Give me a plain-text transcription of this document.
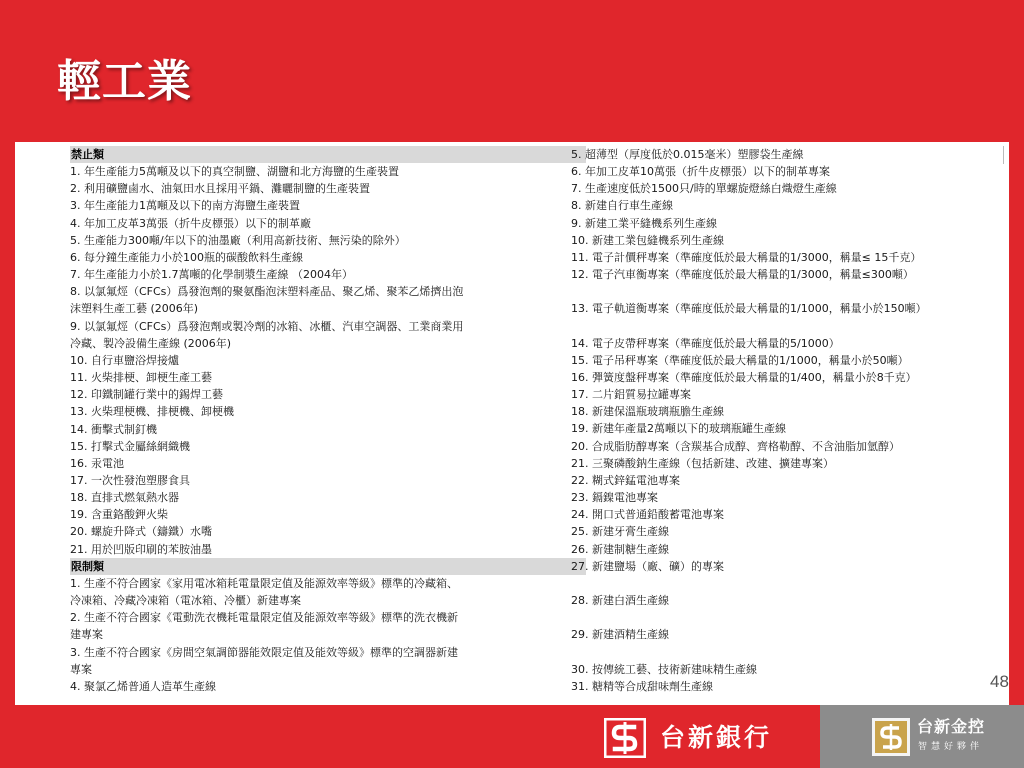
輕工業
禁止類
1. 年生產能力5萬噸及以下的真空制鹽、湖鹽和北方海鹽的生產裝置
2. 利用礦鹽鹵水、油氣田水且採用平鍋、灘曬制鹽的生產裝置
3. 年生產能力1萬噸及以下的南方海鹽生產裝置
4. 年加工皮革3萬張（折牛皮標張）以下的制革廠
5. 生產能力300噸/年以下的油墨廠（利用高新技術、無污染的除外）
6. 每分鐘生產能力小於100瓶的碳酸飲料生產線
7. 年生產能力小於1.7萬噸的化學制漿生產線 （2004年）
8. 以氯氟烴（CFCs）爲發泡劑的聚氨酯泡沫塑料產品、聚乙烯、聚苯乙烯擠出泡
沫塑料生產工藝 (2006年)
9. 以氯氟烴（CFCs）爲發泡劑或製冷劑的冰箱、冰櫃、汽車空調器、工業商業用
冷藏、製冷設備生產線 (2006年)
10. 自行車鹽浴焊接爐
11. 火柴排梗、卸梗生產工藝
12. 印鐵制罐行業中的錫焊工藝
13. 火柴理梗機、排梗機、卸梗機
14. 衝擊式制釘機
15. 打擊式金屬絲網織機
16. 汞電池
17. 一次性發泡塑膠食具
18. 直排式燃氣熱水器
19. 含重鉻酸鉀火柴
20. 螺旋升降式（鑄鐵）水嘴
21. 用於凹版印刷的苯胺油墨
限制類
1. 生產不符合國家《家用電冰箱耗電量限定值及能源效率等級》標準的冷藏箱、
冷凍箱、冷藏冷凍箱（電冰箱、冷櫃）新建專案
2. 生產不符合國家《電動洗衣機耗電量限定值及能源效率等級》標準的洗衣機新
建專案
3. 生產不符合國家《房間空氣調節器能效限定值及能效等級》標準的空調器新建
專案
4. 聚氯乙烯普通人造革生產線
5. 超薄型（厚度低於0.015毫米）塑膠袋生產線
6. 年加工皮革10萬張（折牛皮標張）以下的制革專案
7. 生產速度低於1500只/時的單螺旋燈絲白熾燈生產線
8. 新建自行車生產線
9. 新建工業平縫機系列生產線
10. 新建工業包縫機系列生產線
11. 電子計價秤專案（準確度低於最大稱量的1/3000，稱量≤ 15千克）
12. 電子汽車衡專案（準確度低於最大稱量的1/3000，稱量≤300噸）
13. 電子軌道衡專案（準確度低於最大稱量的1/1000，稱量小於150噸）
14. 電子皮帶秤專案（準確度低於最大稱量的5/1000）
15. 電子吊秤專案（準確度低於最大稱量的1/1000，稱量小於50噸）
16. 彈簧度盤秤專案（準確度低於最大稱量的1/400，稱量小於8千克）
17. 二片鋁質易拉罐專案
18. 新建保溫瓶玻璃瓶膽生產線
19. 新建年產量2萬噸以下的玻璃瓶罐生產線
20. 合成脂肪醇專案（含羰基合成醇、齊格勒醇、不含油脂加氫醇）
21. 三聚磷酸鈉生產線（包括新建、改建、擴建專案）
22. 糊式鋅錳電池專案
23. 鎘鎳電池專案
24. 開口式普通鉛酸蓄電池專案
25. 新建牙膏生產線
26. 新建制糖生產線
27. 新建鹽場（廠、礦）的專案
28. 新建白酒生產線
29. 新建酒精生產線
30. 按傳統工藝、技術新建味精生產線
31. 糖精等合成甜味劑生產線	48
台新銀行	台新金控
智慧好夥伴
